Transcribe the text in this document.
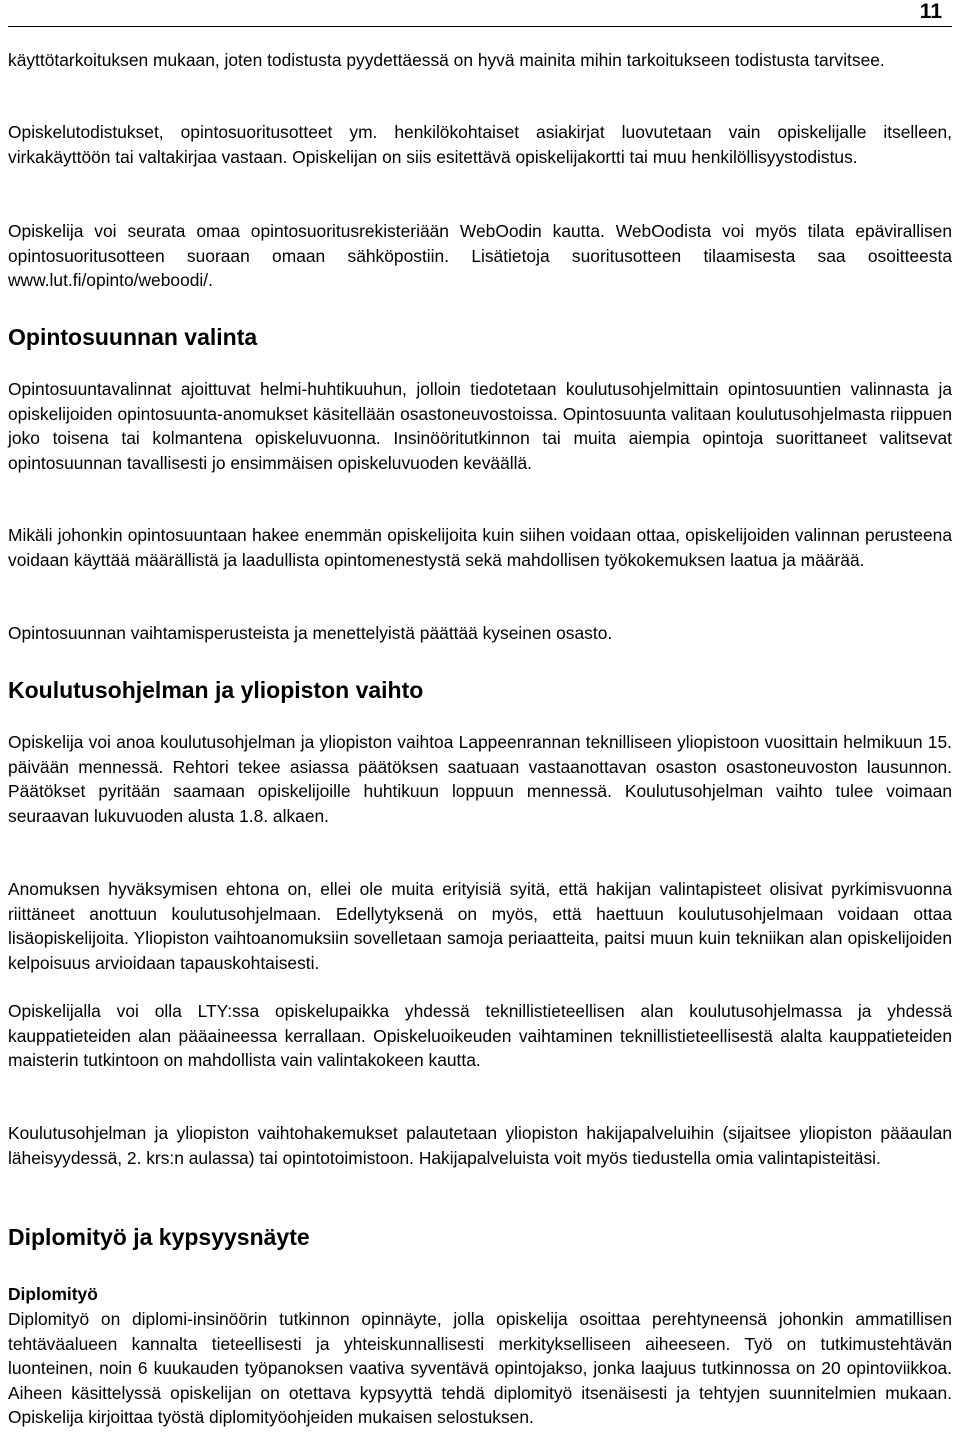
11

käyttötarkoituksen mukaan, joten todistusta pyydettäessä on hyvä mainita mihin tarkoitukseen todistusta tarvitsee.

Opiskelutodistukset, opintosuoritusotteet ym. henkilökohtaiset asiakirjat luovutetaan vain opiskelijalle itselleen, virkakäyttöön tai valtakirjaa vastaan. Opiskelijan on siis esitettävä opiskelijakortti tai muu henkilöllisyystodistus.

Opiskelija voi seurata omaa opintosuoritusrekisteriään WebOodin kautta. WebOodista voi myös tilata epävirallisen opintosuoritusotteen suoraan omaan sähköpostiin. Lisätietoja suoritusotteen tilaamisesta saa osoitteesta www.lut.fi/opinto/weboodi/.

Opintosuunnan valinta

Opintosuuntavalinnat ajoittuvat helmi-huhtikuuhun, jolloin tiedotetaan koulutusohjelmittain opintosuuntien valinnasta ja opiskelijoiden opintosuunta-anomukset käsitellään osastoneuvostoissa. Opintosuunta valitaan koulutusohjelmasta riippuen joko toisena tai kolmantena opiskeluvuonna. Insinööritutkinnon tai muita aiempia opintoja suorittaneet valitsevat opintosuunnan tavallisesti jo ensimmäisen opiskeluvuoden keväällä.

Mikäli johonkin opintosuuntaan hakee enemmän opiskelijoita kuin siihen voidaan ottaa, opiskelijoiden valinnan perusteena voidaan käyttää määrällistä ja laadullista opintomenestystä sekä mahdollisen työkokemuksen laatua ja määrää.

Opintosuunnan vaihtamisperusteista ja menettelyistä päättää kyseinen osasto.

Koulutusohjelman ja yliopiston vaihto

Opiskelija voi anoa koulutusohjelman ja yliopiston vaihtoa Lappeenrannan teknilliseen yliopistoon vuosittain helmikuun 15. päivään mennessä. Rehtori tekee asiassa päätöksen saatuaan vastaanottavan osaston osastoneuvoston lausunnon. Päätökset pyritään saamaan opiskelijoille huhtikuun loppuun mennessä. Koulutusohjelman vaihto tulee voimaan seuraavan lukuvuoden alusta 1.8. alkaen.

Anomuksen hyväksymisen ehtona on, ellei ole muita erityisiä syitä, että hakijan valintapisteet olisivat pyrkimisvuonna riittäneet anottuun koulutusohjelmaan. Edellytyksenä on myös, että haettuun koulutusohjelmaan voidaan ottaa lisäopiskelijoita. Yliopiston vaihtoanomuksiin sovelletaan samoja periaatteita, paitsi muun kuin tekniikan alan opiskelijoiden kelpoisuus arvioidaan tapauskohtaisesti.

Opiskelijalla voi olla LTY:ssa opiskelupaikka yhdessä teknillistieteellisen alan koulutusohjelmassa ja yhdessä kauppatieteiden alan pääaineessa kerrallaan. Opiskeluoikeuden vaihtaminen teknillistieteellisestä alalta kauppatieteiden maisterin tutkintoon on mahdollista vain valintakokeen kautta.

Koulutusohjelman ja yliopiston vaihtohakemukset palautetaan yliopiston hakijapalveluihin (sijaitsee yliopiston pääaulan läheisyydessä, 2. krs:n aulassa) tai opintotoimistoon. Hakijapalveluista voit myös tiedustella omia valintapisteitäsi.

Diplomityö ja kypsyysnäyte
Diplomityö

Diplomityö on diplomi-insinöörin tutkinnon opinnäyte, jolla opiskelija osoittaa perehtyneensä johonkin ammatillisen tehtäväalueen kannalta tieteellisesti ja yhteiskunnallisesti merkitykselliseen aiheeseen. Työ on tutkimustehtävän luonteinen, noin 6 kuukauden työpanoksen vaativa syventävä opintojakso, jonka laajuus tutkinnossa on 20 opintoviikkoa. Aiheen käsittelyssä opiskelijan on otettava kypsyyttä tehdä diplomityö itsenäisesti ja tehtyjen suunnitelmien mukaan. Opiskelija kirjoittaa työstä diplomityöohjeiden mukaisen selostuksen.
